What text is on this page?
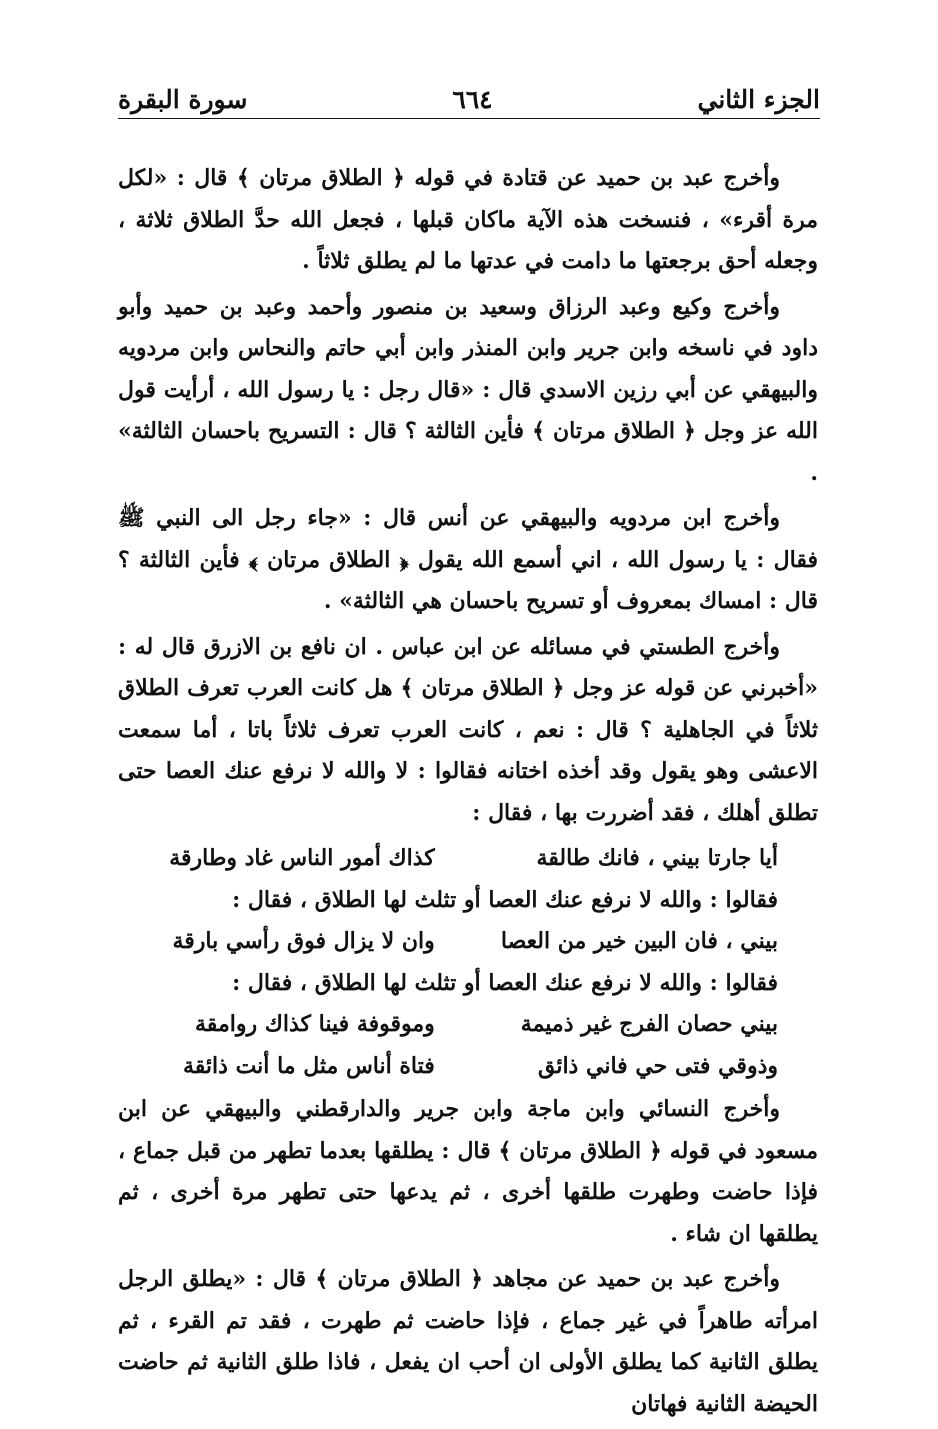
الجزء الثاني
٦٦٤
سورة البقرة

وأخرج عبد بن حميد عن قتادة في قوله ﴿ الطلاق مرتان ﴾ قال : «لكل مرة أقرء» ، فنسخت هذه الآية ماكان قبلها ، فجعل الله حدَّ الطلاق ثلاثة ، وجعله أحق برجعتها ما دامت في عدتها ما لم يطلق ثلاثاً .

وأخرج وكيع وعبد الرزاق وسعيد بن منصور وأحمد وعبد بن حميد وأبو داود في ناسخه وابن جرير وابن المنذر وابن أبي حاتم والنحاس وابن مردويه والبيهقي عن أبي رزين الاسدي قال : «قال رجل : يا رسول الله ، أرأيت قول الله عز وجل ﴿ الطلاق مرتان ﴾ فأين الثالثة ؟ قال : التسريح باحسان الثالثة» .

وأخرج ابن مردويه والبيهقي عن أنس قال : «جاء رجل الى النبي ﷺ فقال : يا رسول الله ، اني أسمع الله يقول ﴿ الطلاق مرتان ﴾ فأين الثالثة ؟ قال : امساك بمعروف أو تسريح باحسان هي الثالثة» .

وأخرج الطستي في مسائله عن ابن عباس . ان نافع بن الازرق قال له : «أخبرني عن قوله عز وجل ﴿ الطلاق مرتان ﴾ هل كانت العرب تعرف الطلاق ثلاثاً في الجاهلية ؟ قال : نعم ، كانت العرب تعرف ثلاثاً باتا ، أما سمعت الاعشى وهو يقول وقد أخذه اختانه فقالوا : لا والله لا نرفع عنك العصا حتى تطلق أهلك ، فقد أضررت بها ، فقال :

أيا جارتا بيني ، فانك طالقة
كذاك أمور الناس غاد وطارقة
فقالوا : والله لا نرفع عنك العصا أو تثلث لها الطلاق ، فقال :
بيني ، فان البين خير من العصا
وان لا يزال فوق رأسي بارقة
فقالوا : والله لا نرفع عنك العصا أو تثلث لها الطلاق ، فقال :
بيني حصان الفرج غير ذميمة
وموقوفة فينا كذاك روامقة
وذوقي فتى حي فاني ذائق
فتاة أناس مثل ما أنت ذائقة

وأخرج النسائي وابن ماجة وابن جرير والدارقطني والبيهقي عن ابن مسعود في قوله ﴿ الطلاق مرتان ﴾ قال : يطلقها بعدما تطهر من قبل جماع ، فإذا حاضت وطهرت طلقها أخرى ، ثم يدعها حتى تطهر مرة أخرى ، ثم يطلقها ان شاء .

وأخرج عبد بن حميد عن مجاهد ﴿ الطلاق مرتان ﴾ قال : «يطلق الرجل امرأته طاهراً في غير جماع ، فإذا حاضت ثم طهرت ، فقد تم القرء ، ثم يطلق الثانية كما يطلق الأولى ان أحب ان يفعل ، فاذا طلق الثانية ثم حاضت الحيضة الثانية فهاتان
